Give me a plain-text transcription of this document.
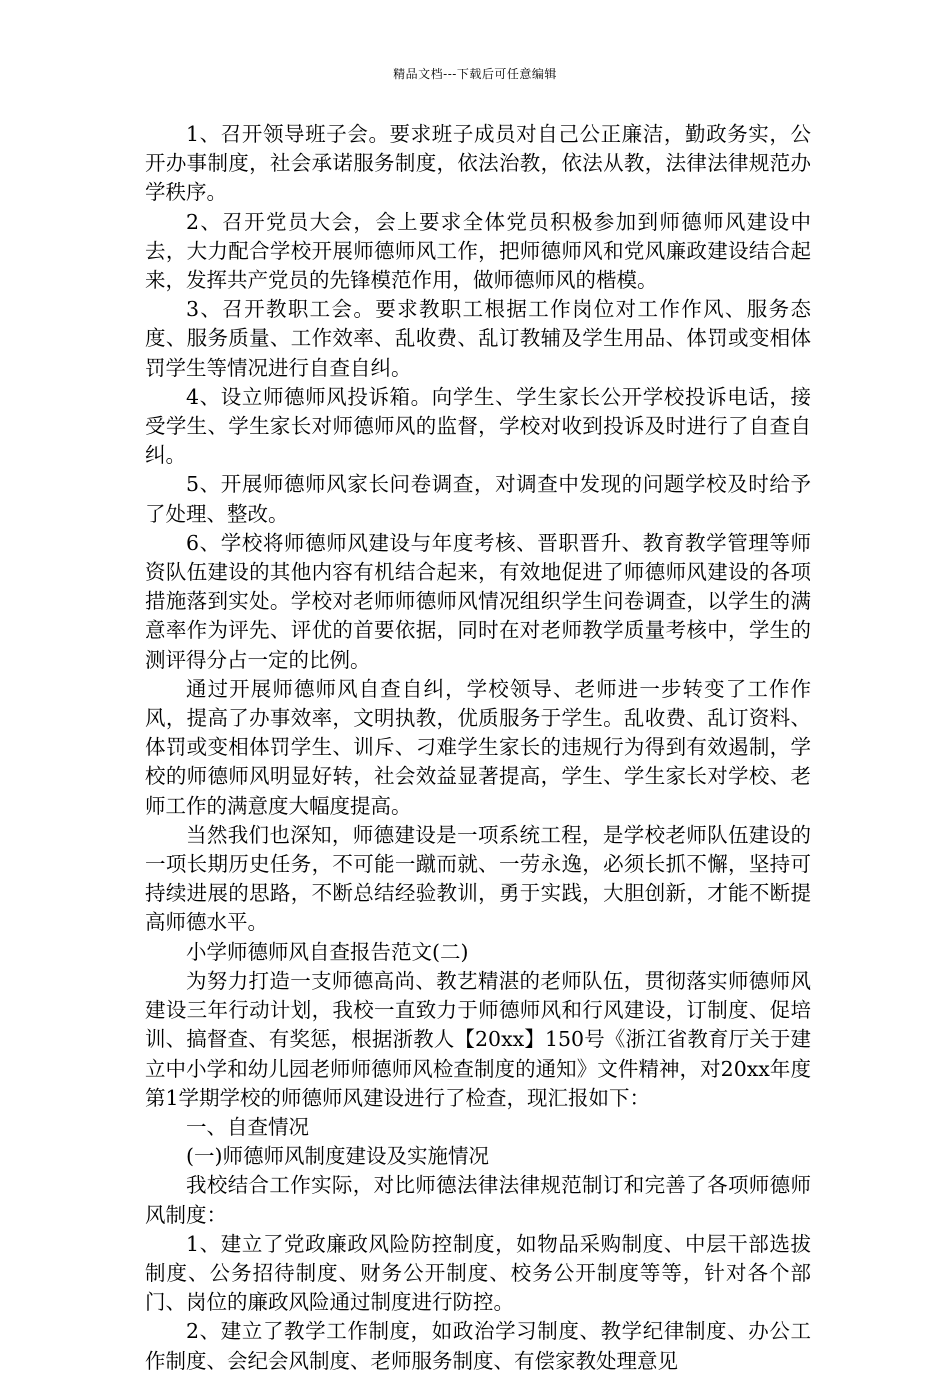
精品文档---下载后可任意编辑

1、召开领导班子会。要求班子成员对自己公正廉洁，勤政务实，公开办事制度，社会承诺服务制度，依法治教，依法从教，法律法律规范办学秩序。

2、召开党员大会，会上要求全体党员积极参加到师德师风建设中去，大力配合学校开展师德师风工作，把师德师风和党风廉政建设结合起来，发挥共产党员的先锋模范作用，做师德师风的楷模。

3、召开教职工会。要求教职工根据工作岗位对工作作风、服务态度、服务质量、工作效率、乱收费、乱订教辅及学生用品、体罚或变相体罚学生等情况进行自查自纠。

4、设立师德师风投诉箱。向学生、学生家长公开学校投诉电话，接受学生、学生家长对师德师风的监督，学校对收到投诉及时进行了自查自纠。

5、开展师德师风家长问卷调查，对调查中发现的问题学校及时给予了处理、整改。

6、学校将师德师风建设与年度考核、晋职晋升、教育教学管理等师资队伍建设的其他内容有机结合起来，有效地促进了师德师风建设的各项措施落到实处。学校对老师师德师风情况组织学生问卷调查，以学生的满意率作为评先、评优的首要依据，同时在对老师教学质量考核中，学生的测评得分占一定的比例。

通过开展师德师风自查自纠，学校领导、老师进一步转变了工作作风，提高了办事效率，文明执教，优质服务于学生。乱收费、乱订资料、体罚或变相体罚学生、训斥、刁难学生家长的违规行为得到有效遏制，学校的师德师风明显好转，社会效益显著提高，学生、学生家长对学校、老师工作的满意度大幅度提高。

当然我们也深知，师德建设是一项系统工程，是学校老师队伍建设的一项长期历史任务，不可能一蹴而就、一劳永逸，必须长抓不懈，坚持可持续进展的思路，不断总结经验教训，勇于实践，大胆创新，才能不断提高师德水平。

小学师德师风自查报告范文(二)

为努力打造一支师德高尚、教艺精湛的老师队伍，贯彻落实师德师风建设三年行动计划，我校一直致力于师德师风和行风建设，订制度、促培训、搞督查、有奖惩，根据浙教人【20xx】150号《浙江省教育厅关于建立中小学和幼儿园老师师德师风检查制度的通知》文件精神，对20xx年度第1学期学校的师德师风建设进行了检查，现汇报如下：

一、自查情况

(一)师德师风制度建设及实施情况

我校结合工作实际，对比师德法律法律规范制订和完善了各项师德师风制度：

1、建立了党政廉政风险防控制度，如物品采购制度、中层干部选拔制度、公务招待制度、财务公开制度、校务公开制度等等，针对各个部门、岗位的廉政风险通过制度进行防控。

2、建立了教学工作制度，如政治学习制度、教学纪律制度、办公工作制度、会纪会风制度、老师服务制度、有偿家教处理意见
